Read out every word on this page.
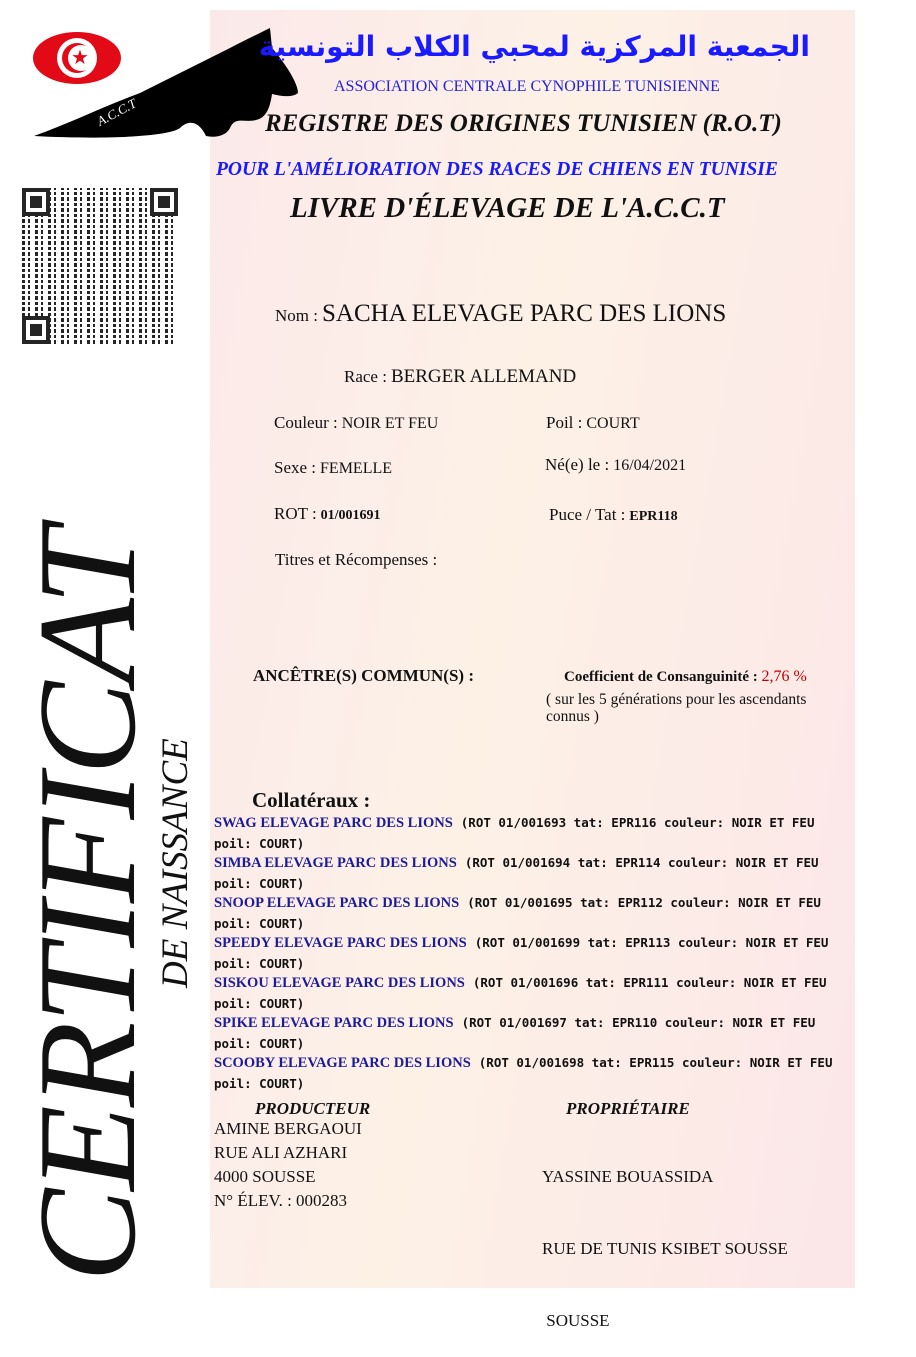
★
A.C.C.T
الجمعية المركزية لمحبي الكلاب التونسية
ASSOCIATION CENTRALE CYNOPHILE TUNISIENNE
REGISTRE DES ORIGINES TUNISIEN (R.O.T)
POUR L'AMÉLIORATION DES RACES DE CHIENS EN TUNISIE
LIVRE D'ÉLEVAGE DE L'A.C.C.T
CERTIFICAT
DE NAISSANCE
Nom : SACHA ELEVAGE PARC DES LIONS
Race : BERGER ALLEMAND
Couleur : NOIR ET FEU	Poil : COURT
Sexe : FEMELLE	Né(e) le : 16/04/2021
ROT : 01/001691	Puce / Tat : EPR118
Titres et Récompenses :
ANCÊTRE(S) COMMUN(S) :	Coefficient de Consanguinité : 2,76 %
( sur les 5 générations pour les ascendants
connus )
Collatéraux :
SWAG ELEVAGE PARC DES LIONS (ROT 01/001693 tat: EPR116 couleur: NOIR ET FEU poil: COURT)
SIMBA ELEVAGE PARC DES LIONS (ROT 01/001694 tat: EPR114 couleur: NOIR ET FEU poil: COURT)
SNOOP ELEVAGE PARC DES LIONS (ROT 01/001695 tat: EPR112 couleur: NOIR ET FEU poil: COURT)
SPEEDY ELEVAGE PARC DES LIONS (ROT 01/001699 tat: EPR113 couleur: NOIR ET FEU poil: COURT)
SISKOU ELEVAGE PARC DES LIONS (ROT 01/001696 tat: EPR111 couleur: NOIR ET FEU poil: COURT)
SPIKE ELEVAGE PARC DES LIONS (ROT 01/001697 tat: EPR110 couleur: NOIR ET FEU poil: COURT)
SCOOBY ELEVAGE PARC DES LIONS (ROT 01/001698 tat: EPR115 couleur: NOIR ET FEU poil: COURT)
PRODUCTEUR
AMINE BERGAOUI
RUE ALI AZHARI
4000 SOUSSE
N° ÉLEV. : 000283
PROPRIÉTAIRE

YASSINE BOUASSIDA

RUE DE TUNIS KSIBET SOUSSE

SOUSSE
